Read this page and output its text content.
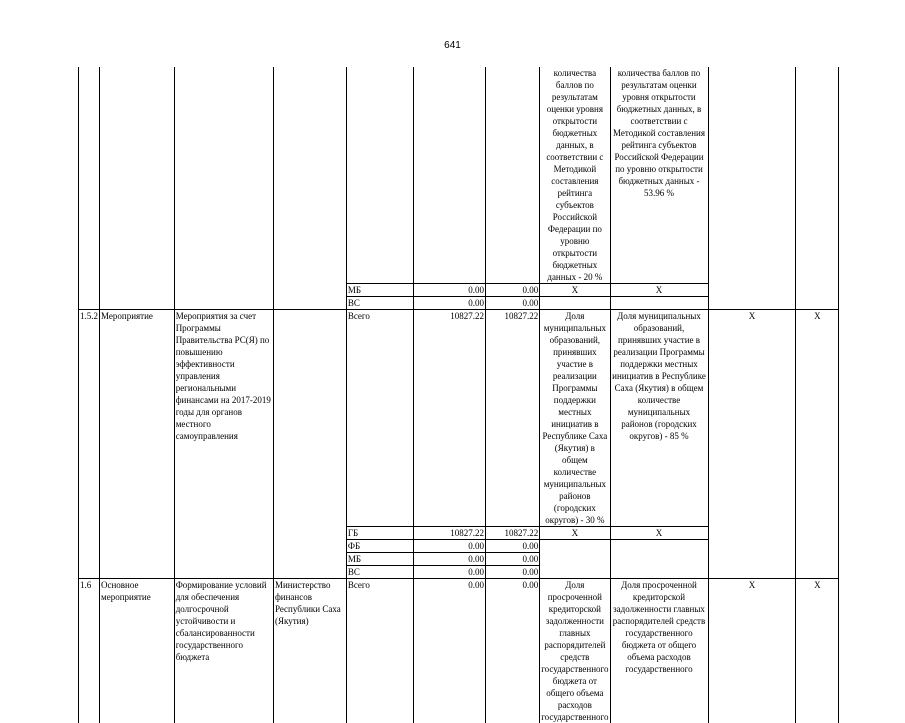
641
							количества баллов по результатам оценки уровня открытости бюджетных данных, в соответствии с Методикой составления рейтинга субъектов Российской Федерации по уровню открытости бюджетных данных - 20 %	количества баллов по результатам оценки уровня открытости бюджетных данных, в соответствии с Методикой составления рейтинга субъектов Российской Федерации по уровню открытости бюджетных данных - 53.96 %		
				МБ	0.00	0.00	X	X		
				ВС	0.00	0.00				
1.5.2	Мероприятие	Мероприятия за счет Программы Правительства РС(Я) по повышению эффективности управления региональными финансами на 2017-2019 годы для органов местного самоуправления		Всего	10827.22	10827.22	Доля муниципальных образований, принявших участие в реализации Программы поддержки местных инициатив в Республике Саха (Якутия) в общем количестве муниципальных районов (городских округов) - 30 %	Доля муниципальных образований, принявших участие в реализации Программы поддержки местных инициатив в Республике Саха (Якутия) в общем количестве муниципальных районов (городских округов) - 85 %	X	X
				ГБ	10827.22	10827.22	X	X		
				ФБ	0.00	0.00				
				МБ	0.00	0.00				
				ВС	0.00	0.00				
1.6	Основное мероприятие	Формирование условий для обеспечения долгосрочной устойчивости и сбалансированности государственного бюджета	Министерство финансов Республики Саха (Якутия)	Всего	0.00	0.00	Доля просроченной кредиторской задолженности главных распорядителей средств государственного бюджета от общего объема расходов государственного	Доля просроченной кредиторской задолженности главных распорядителей средств государственного бюджета от общего объема расходов государственного	X	X
